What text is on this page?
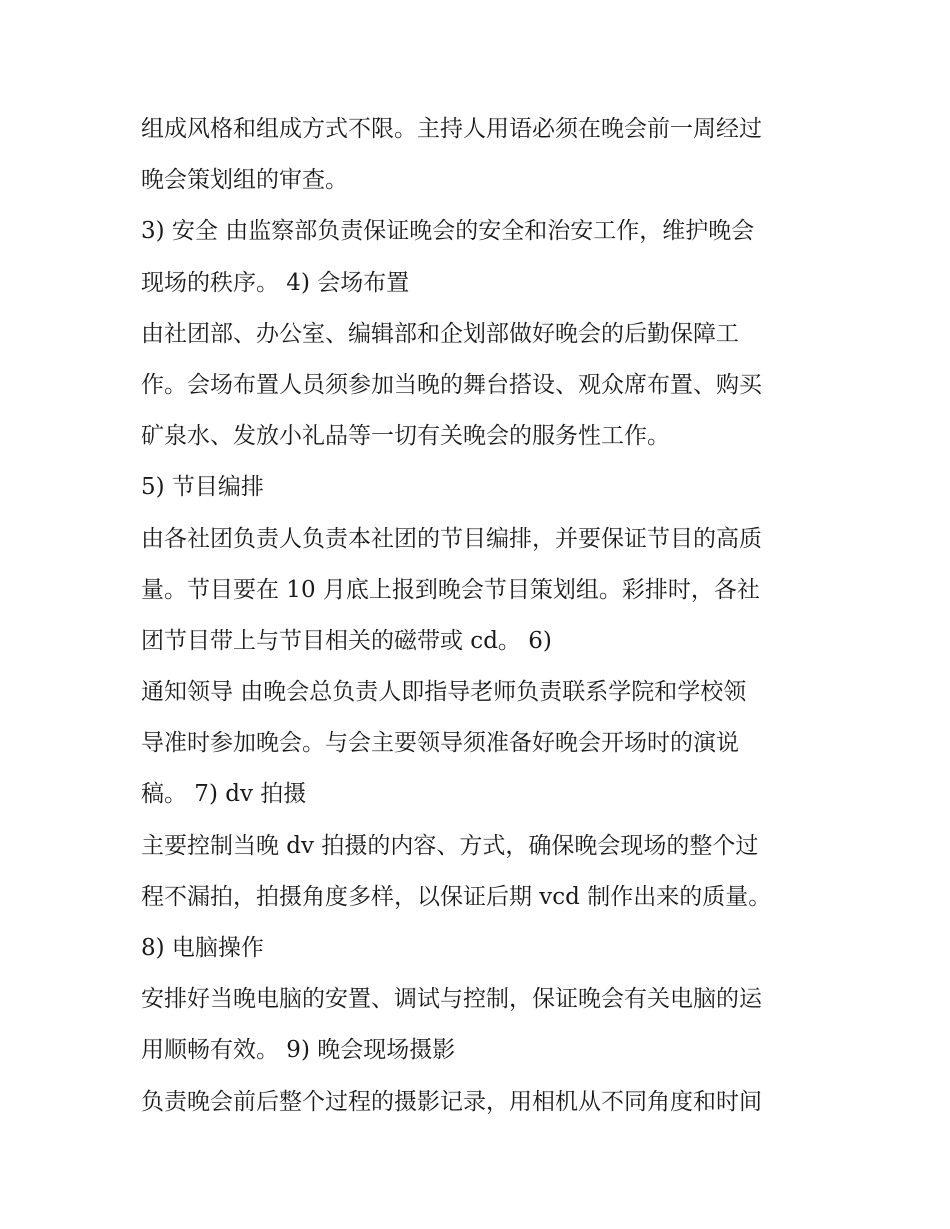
组成风格和组成方式不限。主持人用语必须在晚会前一周经过
晚会策划组的审查。
3) 安全 由监察部负责保证晚会的安全和治安工作，维护晚会
现场的秩序。 4) 会场布置
由社团部、办公室、编辑部和企划部做好晚会的后勤保障工
作。会场布置人员须参加当晚的舞台搭设、观众席布置、购买
矿泉水、发放小礼品等一切有关晚会的服务性工作。
5) 节目编排
由各社团负责人负责本社团的节目编排，并要保证节目的高质
量。节目要在 10 月底上报到晚会节目策划组。彩排时，各社
团节目带上与节目相关的磁带或 cd。 6)
通知领导 由晚会总负责人即指导老师负责联系学院和学校领
导准时参加晚会。与会主要领导须准备好晚会开场时的演说
稿。 7) dv 拍摄
主要控制当晚 dv 拍摄的内容、方式，确保晚会现场的整个过
程不漏拍，拍摄角度多样，以保证后期 vcd 制作出来的质量。
8) 电脑操作
安排好当晚电脑的安置、调试与控制，保证晚会有关电脑的运
用顺畅有效。 9) 晚会现场摄影
负责晚会前后整个过程的摄影记录，用相机从不同角度和时间
